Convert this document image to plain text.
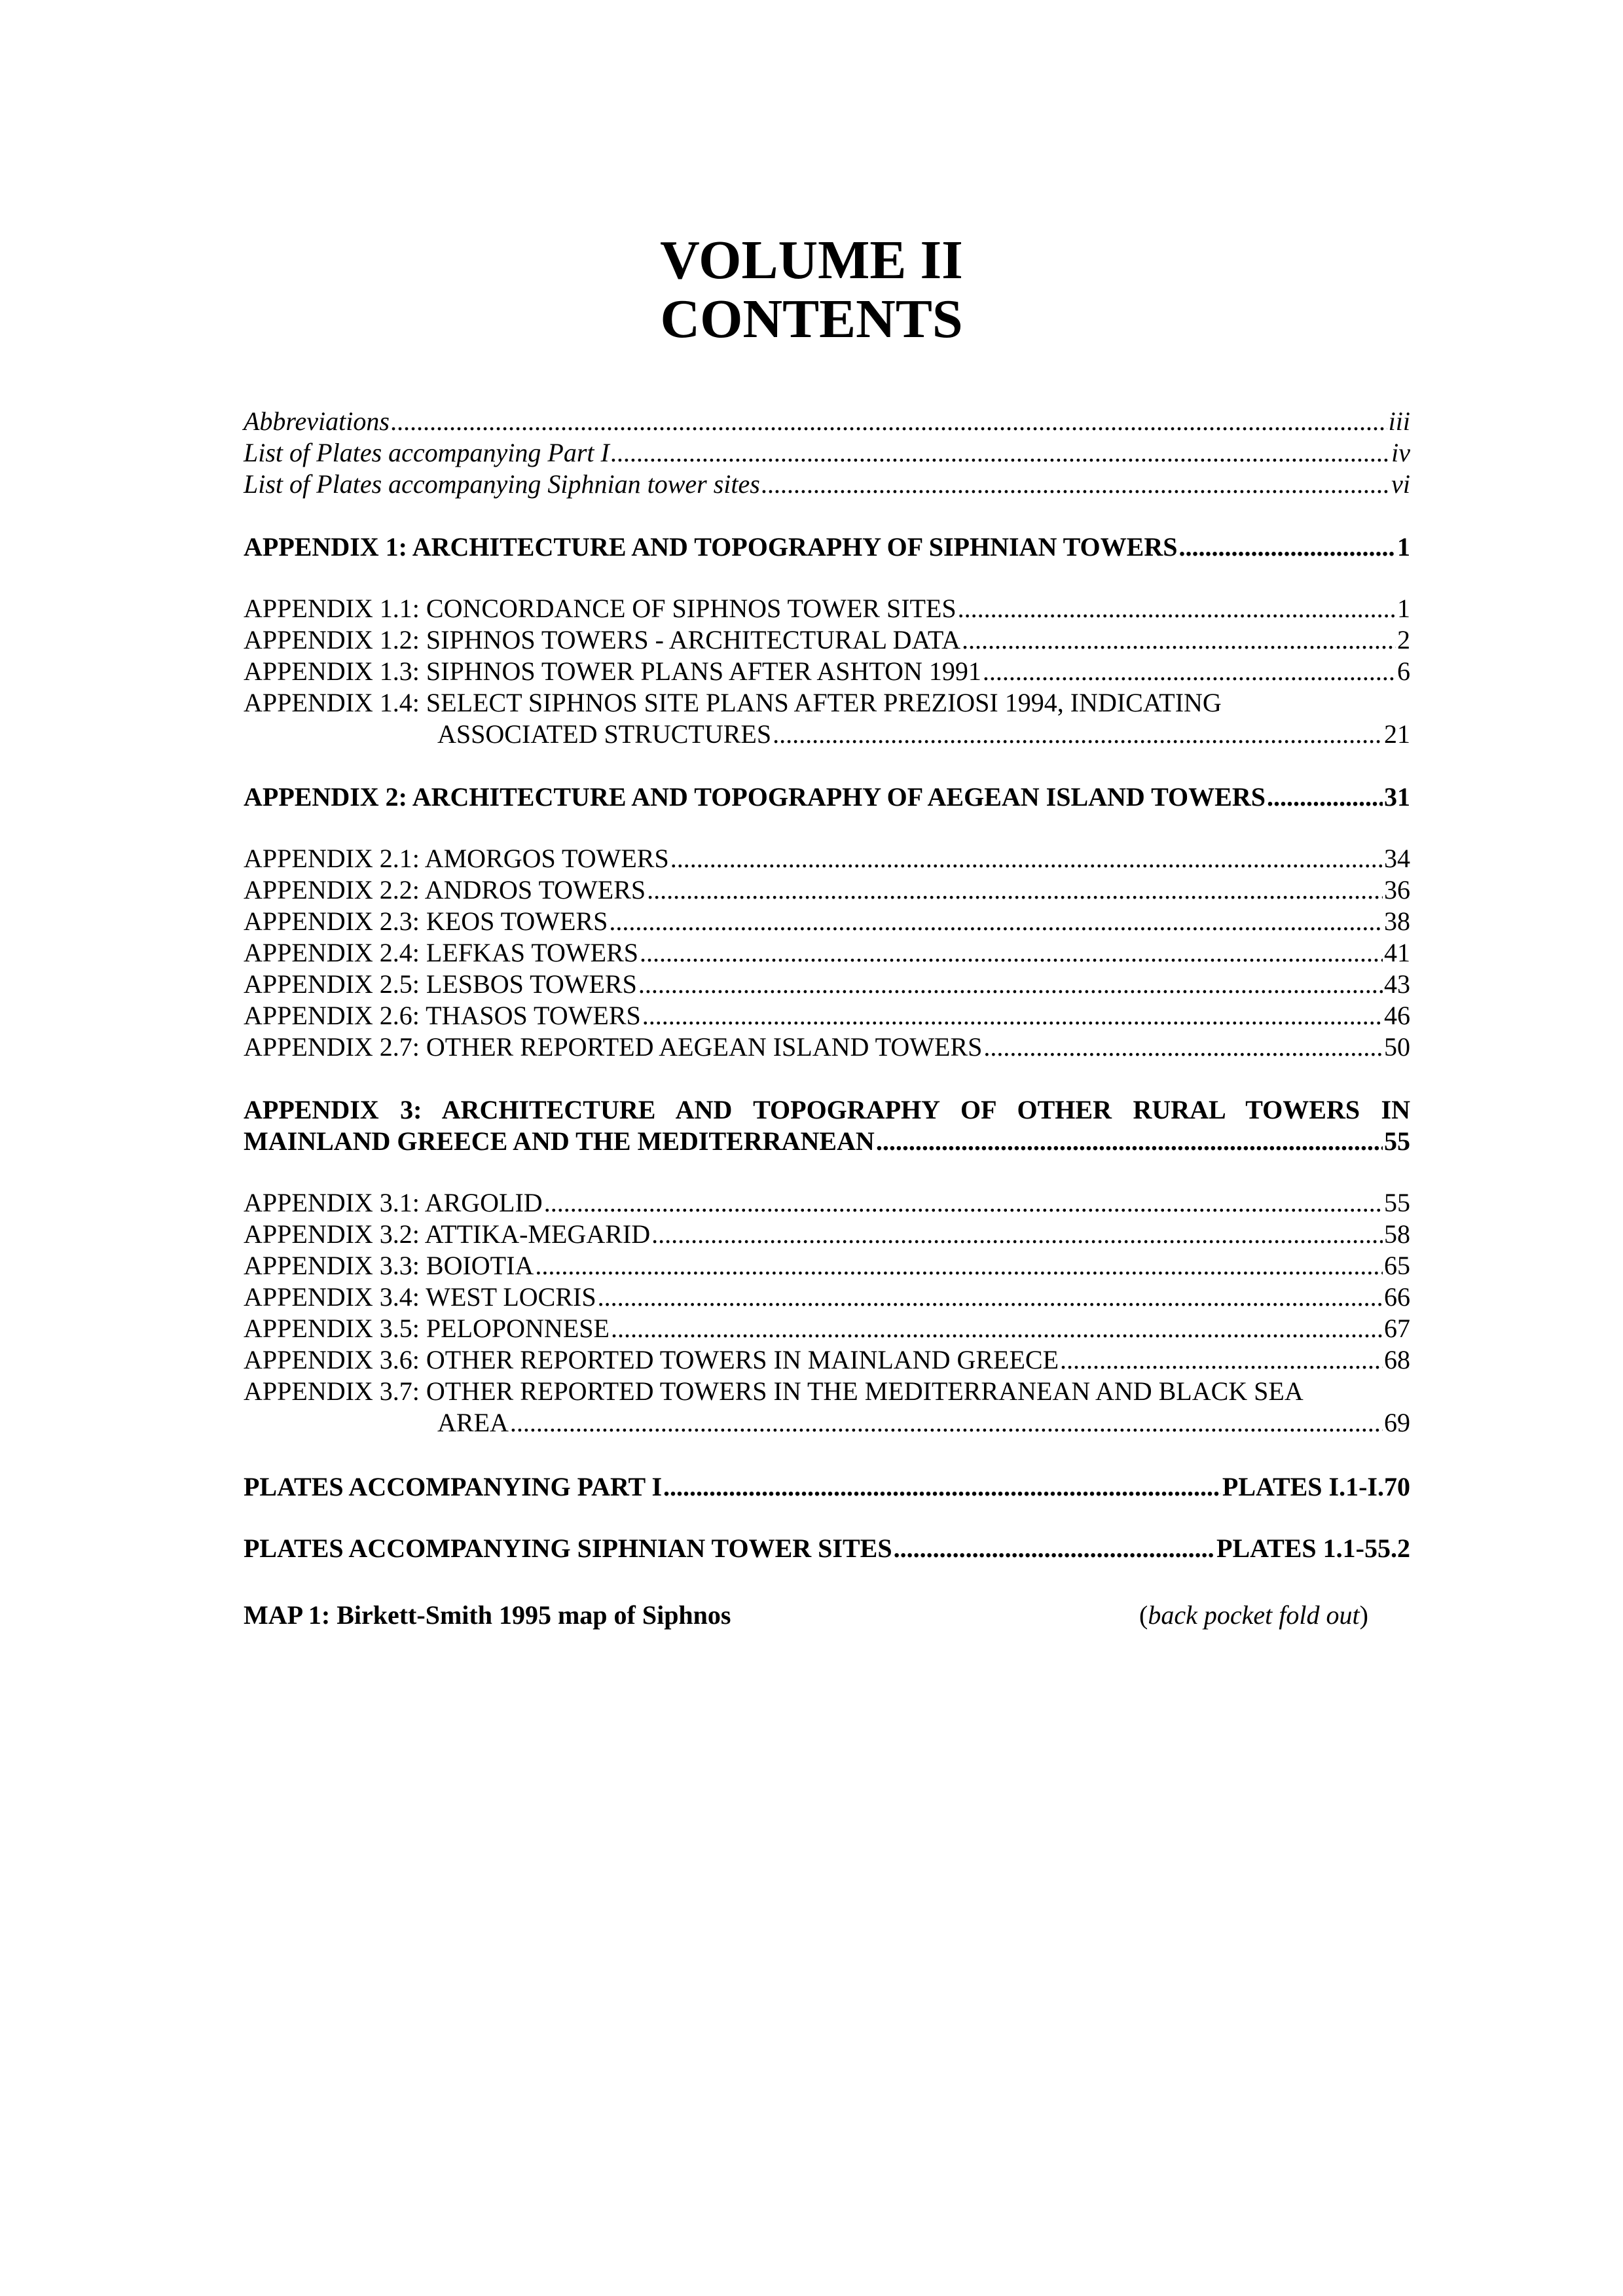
VOLUME II
CONTENTS
Abbreviations .....	iii
List of Plates accompanying Part I .....	iv
List of Plates accompanying Siphnian tower sites .....	vi
APPENDIX 1: ARCHITECTURE AND TOPOGRAPHY OF SIPHNIAN TOWERS .....	1
APPENDIX 1.1: CONCORDANCE OF SIPHNOS TOWER SITES .....	1
APPENDIX 1.2: SIPHNOS TOWERS - ARCHITECTURAL DATA .....	2
APPENDIX 1.3: SIPHNOS TOWER PLANS AFTER ASHTON 1991 .....	6
APPENDIX 1.4: SELECT SIPHNOS SITE PLANS AFTER PREZIOSI 1994, INDICATING
ASSOCIATED STRUCTURES .....	21
APPENDIX 2: ARCHITECTURE AND TOPOGRAPHY OF AEGEAN ISLAND TOWERS .....	31
APPENDIX 2.1: AMORGOS TOWERS .....	34
APPENDIX 2.2: ANDROS TOWERS .....	36
APPENDIX 2.3: KEOS TOWERS .....	38
APPENDIX 2.4: LEFKAS TOWERS .....	41
APPENDIX 2.5: LESBOS TOWERS .....	43
APPENDIX 2.6: THASOS TOWERS .....	46
APPENDIX 2.7: OTHER REPORTED AEGEAN ISLAND TOWERS .....	50
APPENDIX 3: ARCHITECTURE AND TOPOGRAPHY OF OTHER RURAL TOWERS IN
MAINLAND GREECE AND THE MEDITERRANEAN .....	55
APPENDIX 3.1: ARGOLID .....	55
APPENDIX 3.2: ATTIKA-MEGARID .....	58
APPENDIX 3.3: BOIOTIA .....	65
APPENDIX 3.4: WEST LOCRIS .....	66
APPENDIX 3.5: PELOPONNESE .....	67
APPENDIX 3.6: OTHER REPORTED TOWERS IN MAINLAND GREECE .....	68
APPENDIX 3.7: OTHER REPORTED TOWERS IN THE MEDITERRANEAN AND BLACK SEA
AREA .....	69
PLATES ACCOMPANYING PART I .....	PLATES I.1-I.70
PLATES ACCOMPANYING SIPHNIAN TOWER SITES .....	PLATES 1.1-55.2
MAP 1: Birkett-Smith 1995 map of Siphnos	(back pocket fold out)
